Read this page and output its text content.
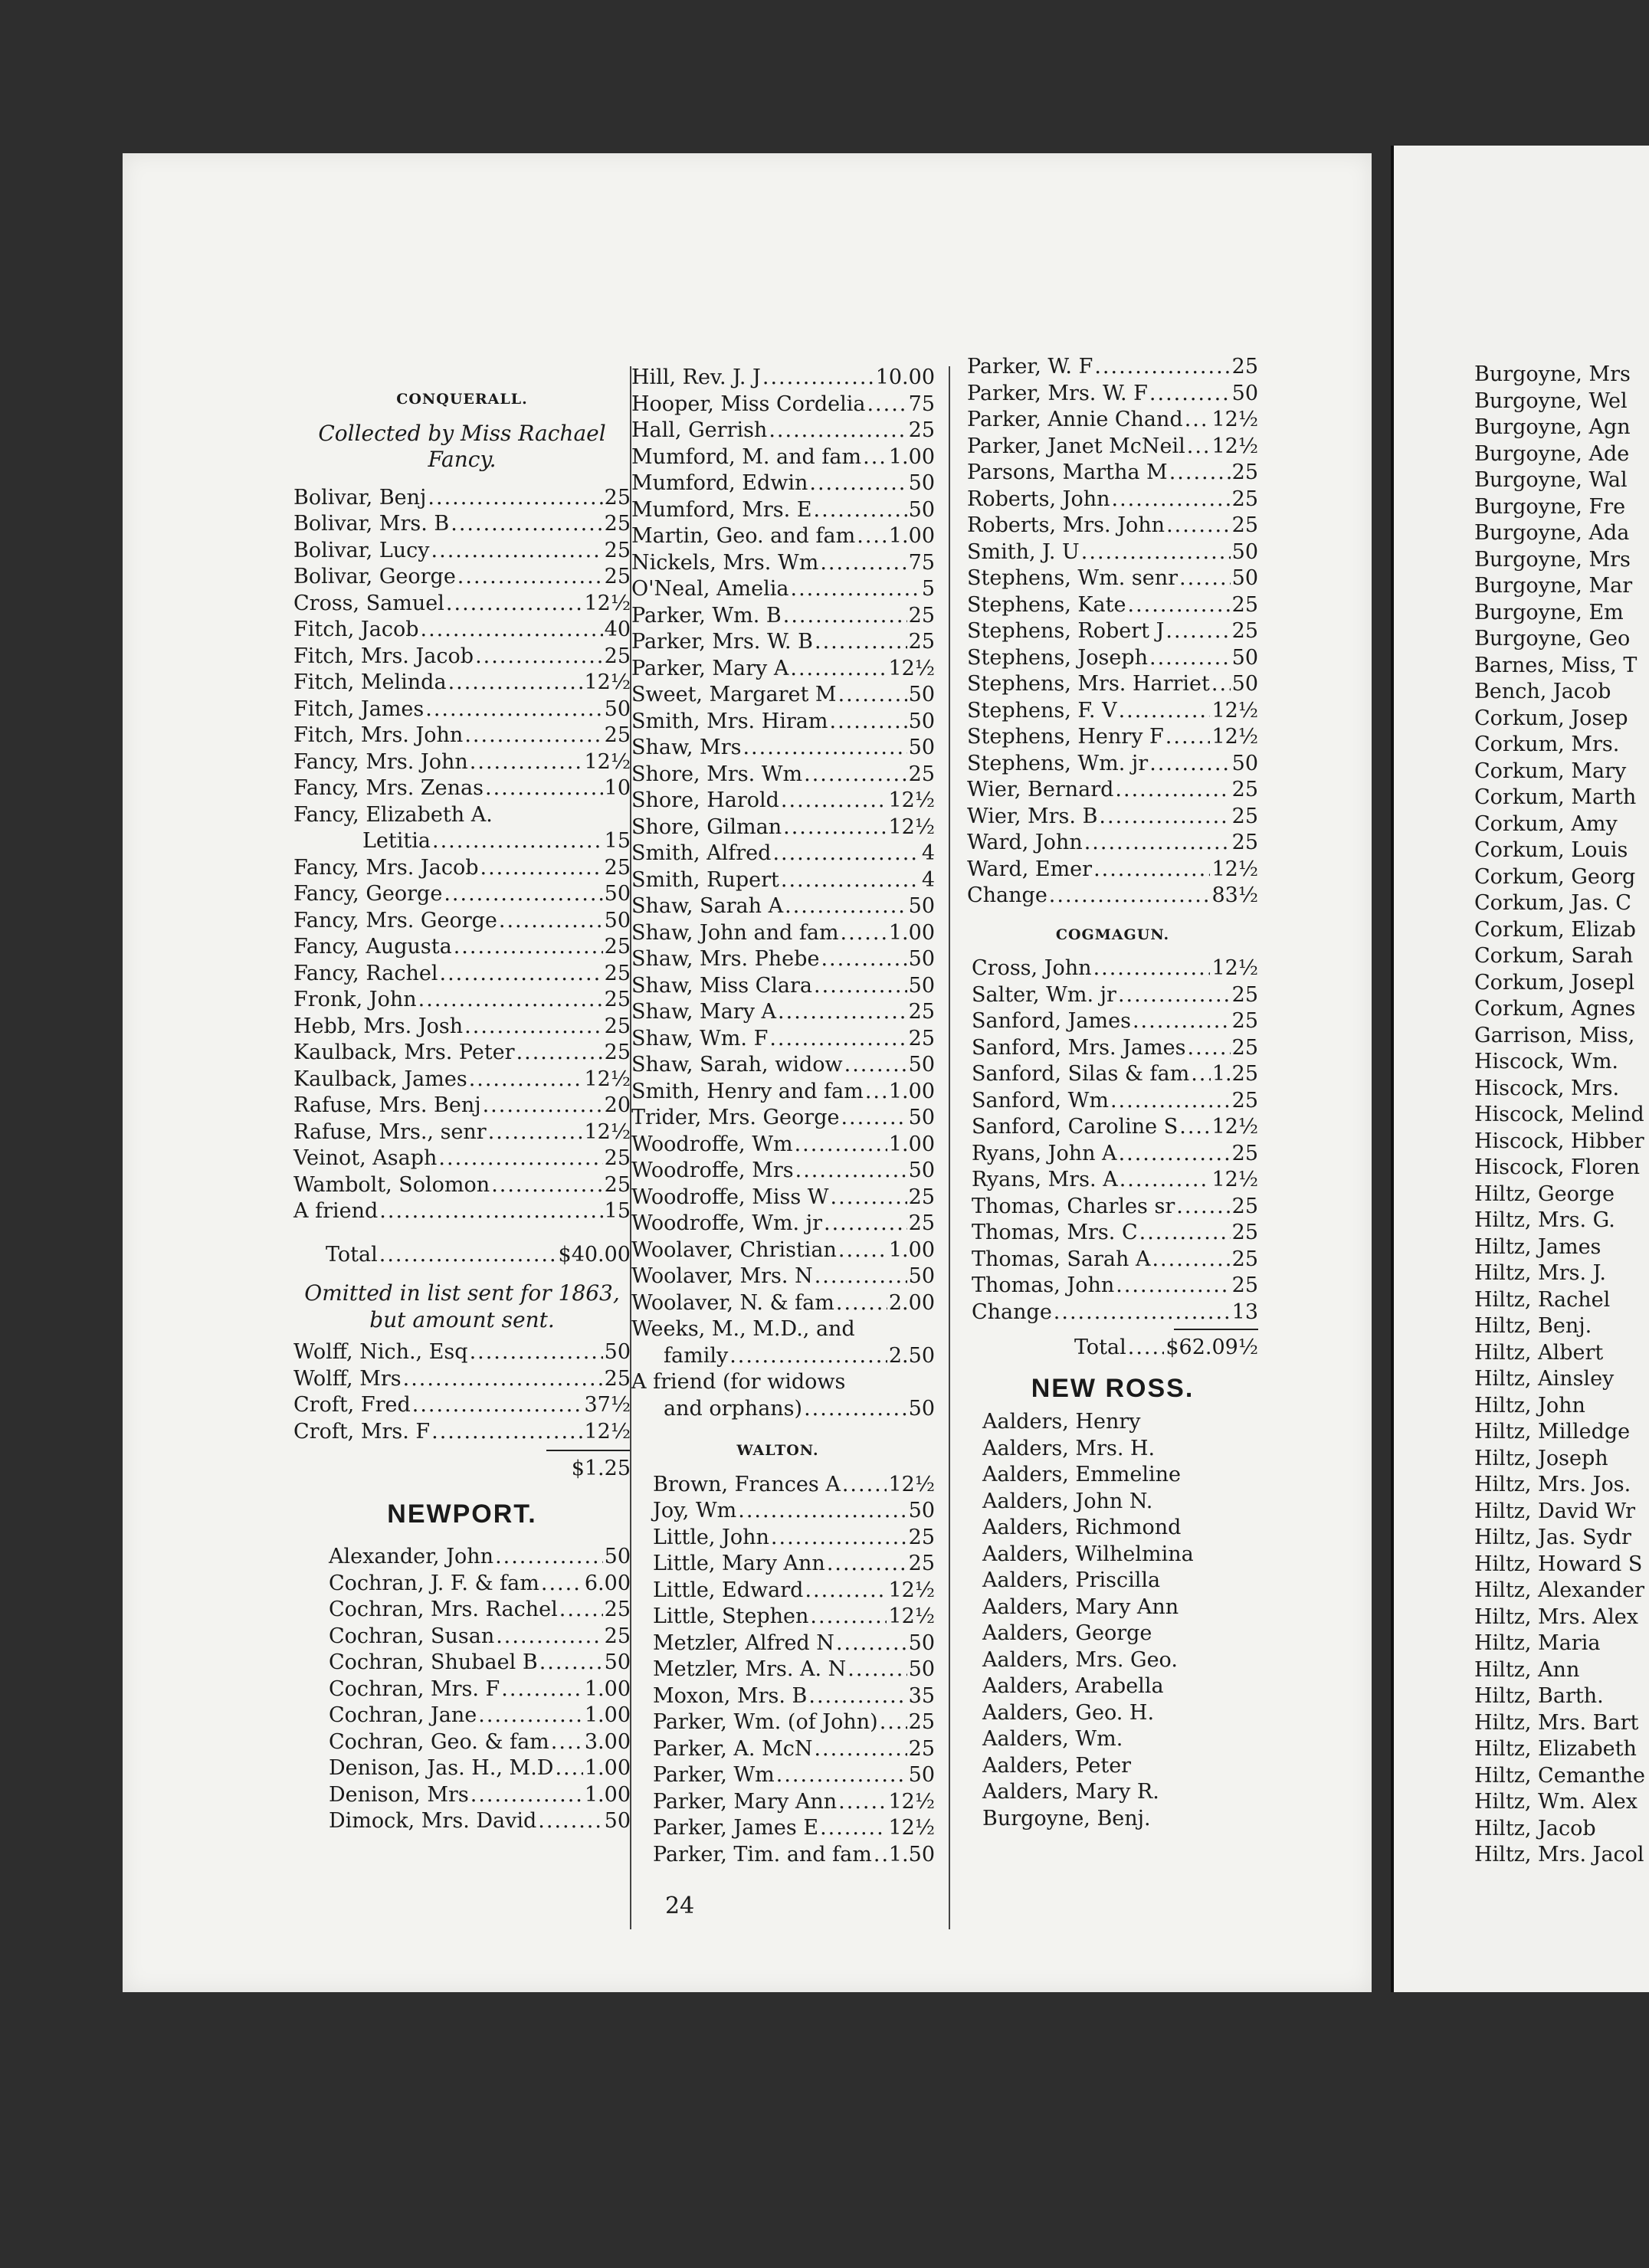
CONQUERALL.
Collected by Miss Rachael Fancy.
Bolivar, Benj .....	25
Bolivar, Mrs. B .....	25
Bolivar, Lucy .....	25
Bolivar, George .....	25
Cross, Samuel .....	12½
Fitch, Jacob .....	40
Fitch, Mrs. Jacob .....	25
Fitch, Melinda .....	12½
Fitch, James .....	50
Fitch, Mrs. John .....	25
Fancy, Mrs. John .....	12½
Fancy, Mrs. Zenas .....	10
Fancy, Elizabeth A.
Letitia .....	15
Fancy, Mrs. Jacob .....	25
Fancy, George .....	50
Fancy, Mrs. George .....	50
Fancy, Augusta .....	25
Fancy, Rachel .....	25
Fronk, John .....	25
Hebb, Mrs. Josh .....	25
Kaulback, Mrs. Peter .....	25
Kaulback, James .....	12½
Rafuse, Mrs. Benj .....	20
Rafuse, Mrs., senr .....	12½
Veinot, Asaph .....	25
Wambolt, Solomon .....	25
A friend .....	15
Total .....	$40.00
Omitted in list sent for 1863, but amount sent.
Wolff, Nich., Esq .....	50
Wolff, Mrs .....	25
Croft, Fred .....	37½
Croft, Mrs. F .....	12½
$1.25
NEWPORT.
Alexander, John .....	50
Cochran, J. F. & fam ..... 6.00
Cochran, Mrs. Rachel ..... 25
Cochran, Susan .....	25
Cochran, Shubael B .....	50
Cochran, Mrs. F .....	1.00
Cochran, Jane .....	1.00
Cochran, Geo. & fam ..... 3.00
Denison, Jas. H., M.D ..... 1.00
Denison, Mrs .....	1.00
Dimock, Mrs. David .....	50
Hill, Rev. J. J .....	10.00
Hooper, Miss Cordelia ..... 75
Hall, Gerrish .....	25
Mumford, M. and fam ..... 1.00
Mumford, Edwin .....	50
Mumford, Mrs. E .....	50
Martin, Geo. and fam ..... 1.00
Nickels, Mrs. Wm .....	75
O'Neal, Amelia .....	5
Parker, Wm. B .....	25
Parker, Mrs. W. B .....	25
Parker, Mary A .....	12½
Sweet, Margaret M .....	50
Smith, Mrs. Hiram .....	50
Shaw, Mrs .....	50
Shore, Mrs. Wm .....	25
Shore, Harold .....	12½
Shore, Gilman .....	12½
Smith, Alfred .....	4
Smith, Rupert .....	4
Shaw, Sarah A .....	50
Shaw, John and fam ..... 1.00
Shaw, Mrs. Phebe .....	50
Shaw, Miss Clara .....	50
Shaw, Mary A .....	25
Shaw, Wm. F .....	25
Shaw, Sarah, widow .....	50
Smith, Henry and fam ..... 1.00
Trider, Mrs. George .....	50
Woodroffe, Wm .....	1.00
Woodroffe, Mrs .....	50
Woodroffe, Miss W .....	25
Woodroffe, Wm. jr .....	25
Woolaver, Christian .....	1.00
Woolaver, Mrs. N .....	50
Woolaver, N. & fam .....	2.00
Weeks, M., M.D., and
family .....	2.50
A friend (for widows
and orphans) .....	50
WALTON.
Brown, Frances A ..... 12½
Joy, Wm .....	50
Little, John .....	25
Little, Mary Ann .....	25
Little, Edward .....	12½
Little, Stephen .....	12½
Metzler, Alfred N .....	50
Metzler, Mrs. A. N .....	50
Moxon, Mrs. B .....	35
Parker, Wm. (of John) ..... 25
Parker, A. McN .....	25
Parker, Wm .....	50
Parker, Mary Ann ..... 12½
Parker, James E .....	12½
Parker, Tim. and fam ..... 1.50
Parker, W. F .....	25
Parker, Mrs. W. F .....	50
Parker, Annie Chand ..... 12½
Parker, Janet McNeil ..... 12½
Parsons, Martha M .....	25
Roberts, John .....	25
Roberts, Mrs. John .....	25
Smith, J. U .....	50
Stephens, Wm. senr .....	50
Stephens, Kate .....	25
Stephens, Robert J .....	25
Stephens, Joseph .....	50
Stephens, Mrs. Harriet ..... 50
Stephens, F. V .....	12½
Stephens, Henry F ..... 12½
Stephens, Wm. jr .....	50
Wier, Bernard .....	25
Wier, Mrs. B .....	25
Ward, John .....	25
Ward, Emer .....	12½
Change .....	83½
COGMAGUN.
Cross, John .....	12½
Salter, Wm. jr .....	25
Sanford, James .....	25
Sanford, Mrs. James ..... 25
Sanford, Silas & fam ..... 1.25
Sanford, Wm .....	25
Sanford, Caroline S ..... 12½
Ryans, John A .....	25
Ryans, Mrs. A .....	12½
Thomas, Charles sr .....	25
Thomas, Mrs. C .....	25
Thomas, Sarah A .....	25
Thomas, John .....	25
Change .....	13
Total ..... $62.09½
NEW ROSS.
Aalders, Henry
Aalders, Mrs. H.
Aalders, Emmeline
Aalders, John N.
Aalders, Richmond
Aalders, Wilhelmina
Aalders, Priscilla
Aalders, Mary Ann
Aalders, George
Aalders, Mrs. Geo.
Aalders, Arabella
Aalders, Geo. H.
Aalders, Wm.
Aalders, Peter
Aalders, Mary R.
Burgoyne, Benj.
Burgoyne, Mrs
Burgoyne, Wel
Burgoyne, Agn
Burgoyne, Ade
Burgoyne, Wal
Burgoyne, Fre
Burgoyne, Ada
Burgoyne, Mrs
Burgoyne, Mar
Burgoyne, Em
Burgoyne, Geo
Barnes, Miss, T
Bench, Jacob
Corkum, Josep
Corkum, Mrs.
Corkum, Mary
Corkum, Marth
Corkum, Amy
Corkum, Louis
Corkum, Georg
Corkum, Jas. C
Corkum, Elizab
Corkum, Sarah
Corkum, Josepl
Corkum, Agnes
Garrison, Miss,
Hiscock, Wm.
Hiscock, Mrs.
Hiscock, Melind
Hiscock, Hibber
Hiscock, Floren
Hiltz, George
Hiltz, Mrs. G.
Hiltz, James
Hiltz, Mrs. J.
Hiltz, Rachel
Hiltz, Benj.
Hiltz, Albert
Hiltz, Ainsley
Hiltz, John
Hiltz, Milledge
Hiltz, Joseph
Hiltz, Mrs. Jos.
Hiltz, David Wr
Hiltz, Jas. Sydr
Hiltz, Howard S
Hiltz, Alexander
Hiltz, Mrs. Alex
Hiltz, Maria
Hiltz, Ann
Hiltz, Barth.
Hiltz, Mrs. Bart
Hiltz, Elizabeth
Hiltz, Cemanthe
Hiltz, Wm. Alex
Hiltz, Jacob
Hiltz, Mrs. Jacol
24
